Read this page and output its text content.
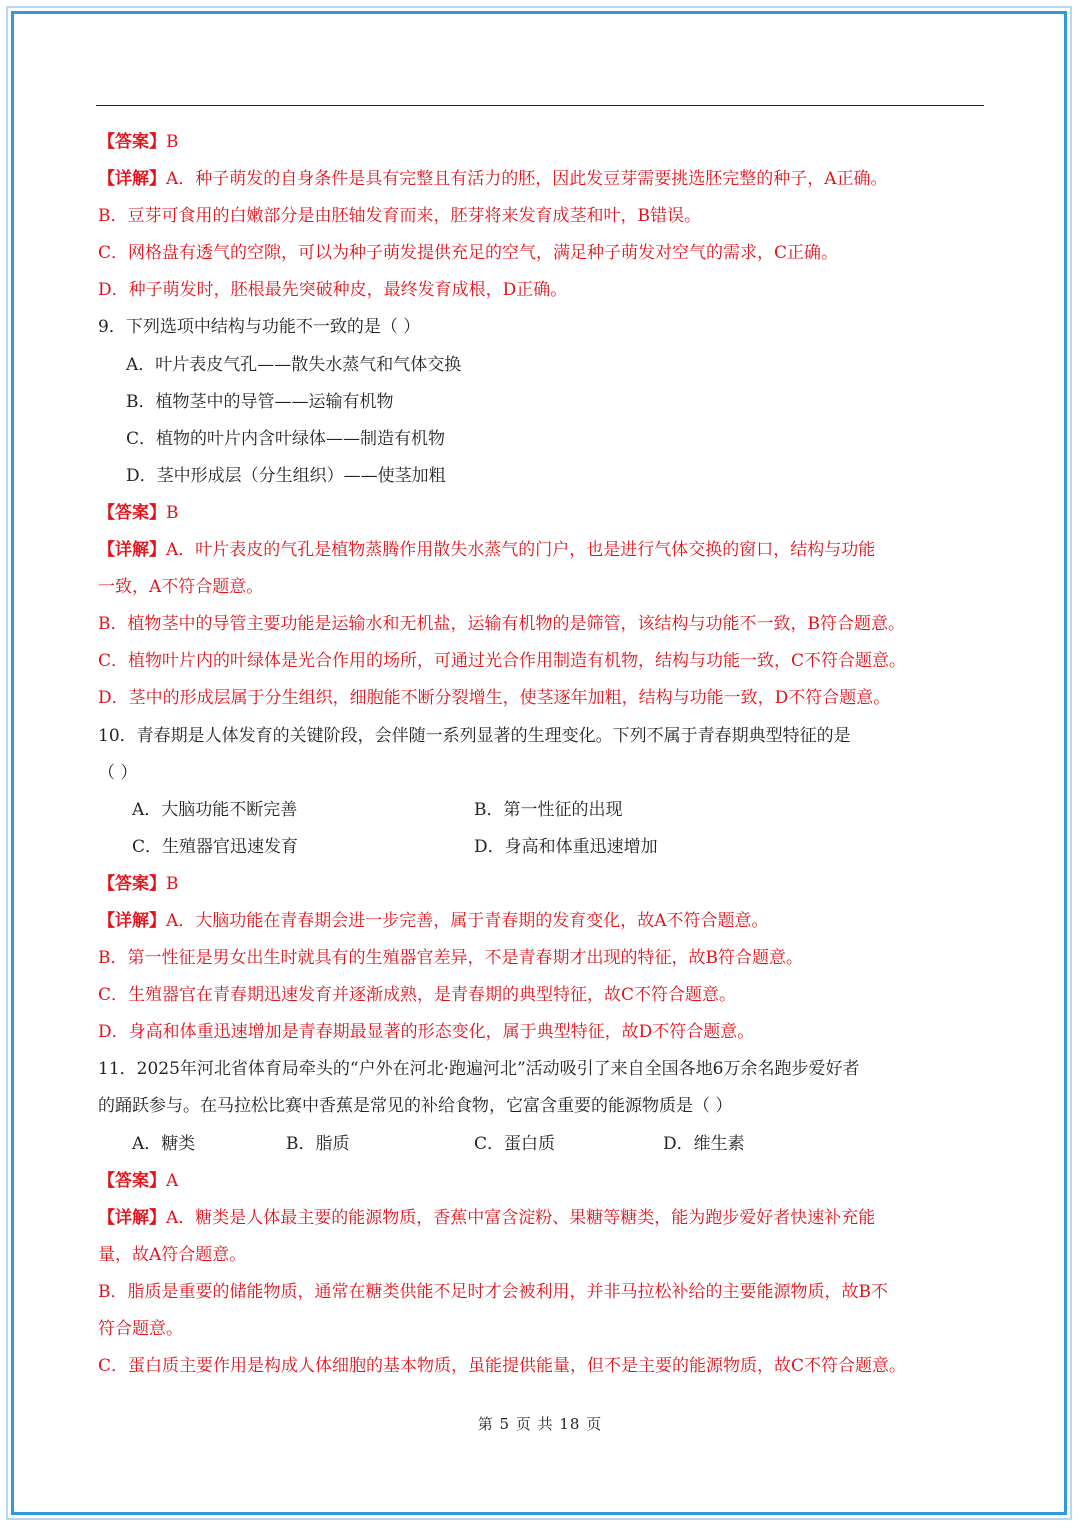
【答案】B
【详解】A．种子萌发的自身条件是具有完整且有活力的胚，因此发豆芽需要挑选胚完整的种子，A正确。
B．豆芽可食用的白嫩部分是由胚轴发育而来，胚芽将来发育成茎和叶，B错误。
C．网格盘有透气的空隙，可以为种子萌发提供充足的空气，满足种子萌发对空气的需求，C正确。
D．种子萌发时，胚根最先突破种皮，最终发育成根，D正确。
9．下列选项中结构与功能不一致的是（ ）
A．叶片表皮气孔——散失水蒸气和气体交换
B．植物茎中的导管——运输有机物
C．植物的叶片内含叶绿体——制造有机物
D．茎中形成层（分生组织）——使茎加粗
【答案】B
【详解】A．叶片表皮的气孔是植物蒸腾作用散失水蒸气的门户，也是进行气体交换的窗口，结构与功能
一致，A不符合题意。
B．植物茎中的导管主要功能是运输水和无机盐，运输有机物的是筛管，该结构与功能不一致，B符合题意。
C．植物叶片内的叶绿体是光合作用的场所，可通过光合作用制造有机物，结构与功能一致，C不符合题意。
D．茎中的形成层属于分生组织，细胞能不断分裂增生，使茎逐年加粗，结构与功能一致，D不符合题意。
10．青春期是人体发育的关键阶段，会伴随一系列显著的生理变化。下列不属于青春期典型特征的是
（ ）
A．大脑功能不断完善	B．第一性征的出现
C．生殖器官迅速发育	D．身高和体重迅速增加
【答案】B
【详解】A．大脑功能在青春期会进一步完善，属于青春期的发育变化，故A不符合题意。
B．第一性征是男女出生时就具有的生殖器官差异，不是青春期才出现的特征，故B符合题意。
C．生殖器官在青春期迅速发育并逐渐成熟，是青春期的典型特征，故C不符合题意。
D．身高和体重迅速增加是青春期最显著的形态变化，属于典型特征，故D不符合题意。
11．2025年河北省体育局牵头的“户外在河北·跑遍河北”活动吸引了来自全国各地6万余名跑步爱好者
的踊跃参与。在马拉松比赛中香蕉是常见的补给食物，它富含重要的能源物质是（ ）
A．糖类	B．脂质	C．蛋白质	D．维生素
【答案】A
【详解】A．糖类是人体最主要的能源物质，香蕉中富含淀粉、果糖等糖类，能为跑步爱好者快速补充能
量，故A符合题意。
B．脂质是重要的储能物质，通常在糖类供能不足时才会被利用，并非马拉松补给的主要能源物质，故B不
符合题意。
C．蛋白质主要作用是构成人体细胞的基本物质，虽能提供能量，但不是主要的能源物质，故C不符合题意。
第 5 页 共 18 页
